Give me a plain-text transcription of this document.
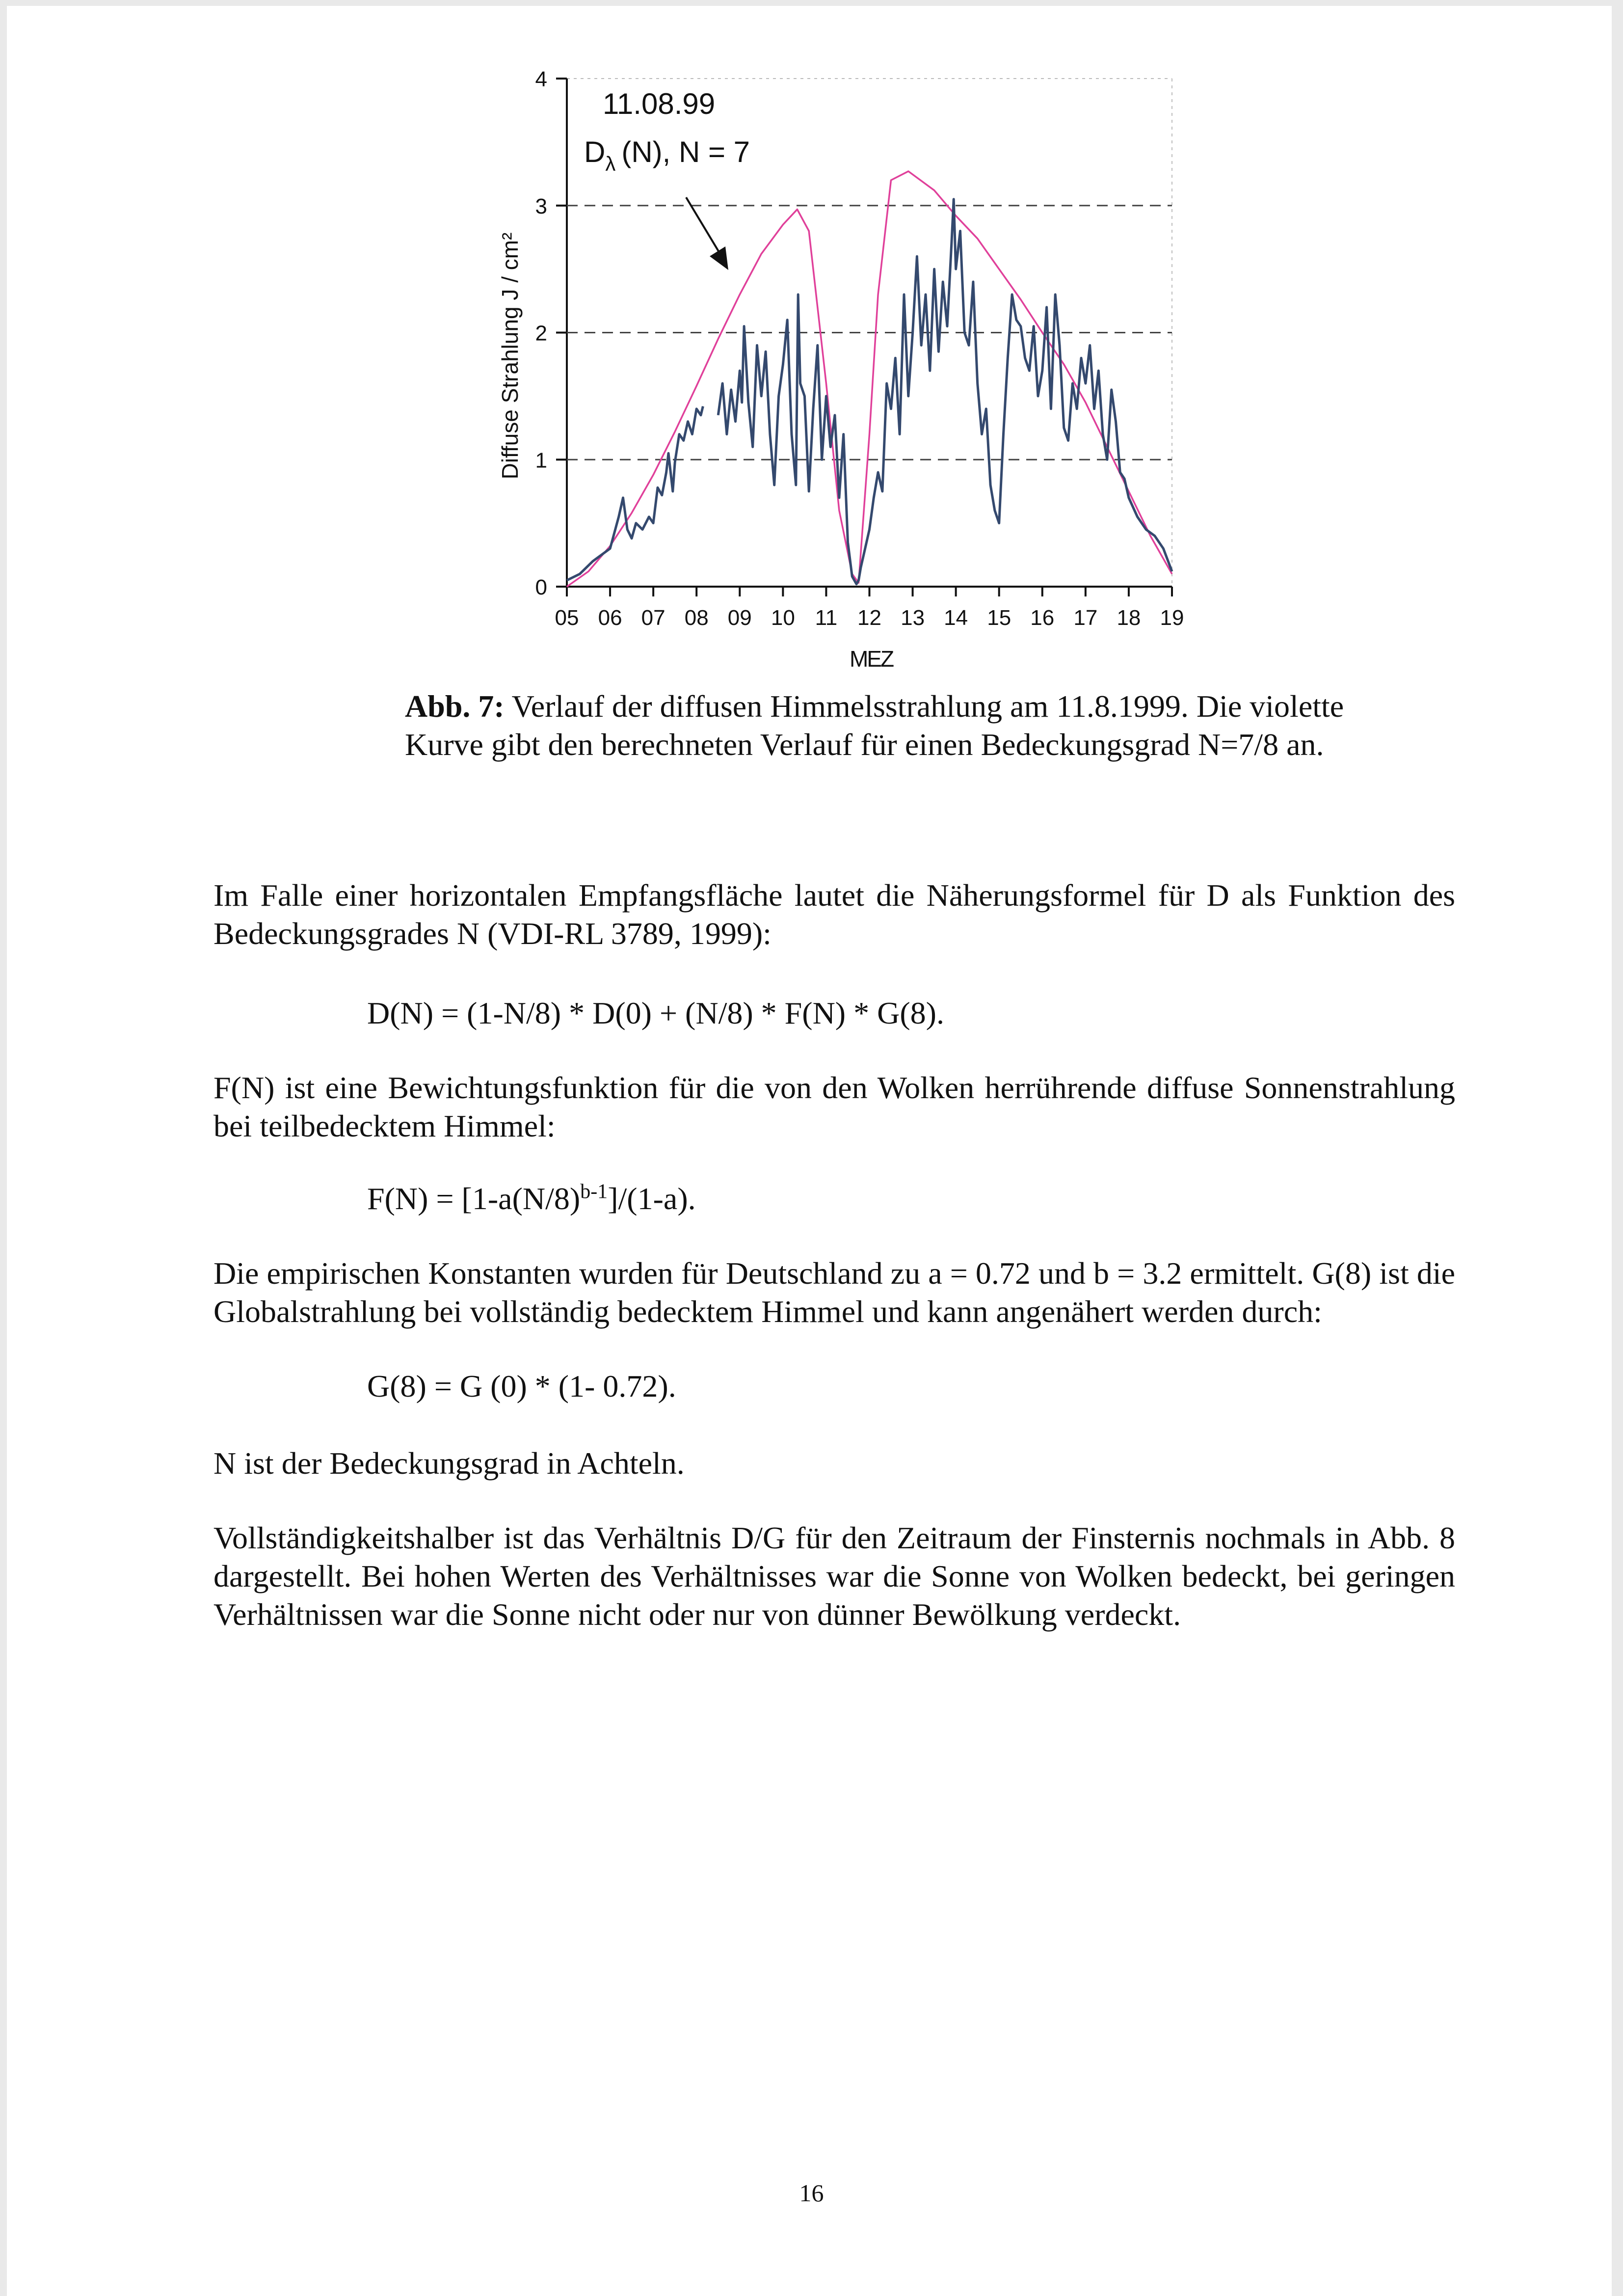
0
1
2
3
4
05 06 07 08 09 10 11 12 13 14 15 16 17 18 19
11.08.99
$D_\lambda$ (N), N = 7
Diffuse Strahlung J / cm²
MEZ
Abb. 7: Verlauf der diffusen Himmelsstrahlung am 11.8.1999. Die violette Kurve gibt den berechneten Verlauf für einen Bedeckungsgrad N=7/8 an.

Im Falle einer horizontalen Empfangsfläche lautet die Näherungsformel für D als Funktion des Bedeckungsgrades N (VDI-RL 3789, 1999):

D(N) = (1-N/8) * D(0) + (N/8) * F(N) * G(8).

F(N) ist eine Bewichtungsfunktion für die von den Wolken herrührende diffuse Sonnenstrahlung bei teilbedecktem Himmel:

$F(N) = [1-a(N/8)^{b-1}]/(1-a)$.

Die empirischen Konstanten wurden für Deutschland zu a = 0.72 und b = 3.2 ermittelt. G(8) ist die Globalstrahlung bei vollständig bedecktem Himmel und kann angenähert werden durch:

G(8) = G (0) * (1- 0.72).

N ist der Bedeckungsgrad in Achteln.

Vollständigkeitshalber ist das Verhältnis D/G für den Zeitraum der Finsternis nochmals in Abb. 8 dargestellt. Bei hohen Werten des Verhältnisses war die Sonne von Wolken bedeckt, bei geringen Verhältnissen war die Sonne nicht oder nur von dünner Bewölkung verdeckt.

16
